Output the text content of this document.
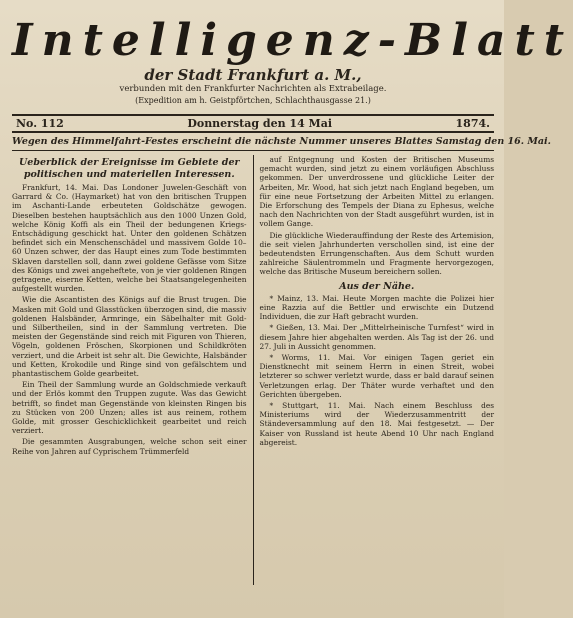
Intelligenz-Blatt
der Stadt Frankfurt a. M.,
verbunden mit den Frankfurter Nachrichten als Extrabeilage.
(Expedition am h. Geistpförtchen, Schlachthausgasse 21.)
No. 112	Donnerstag den 14 Mai	1874.
Wegen des Himmelfahrt-Festes erscheint die nächste Nummer unseres Blattes Samstag den 16. Mai.
Ueberblick der Ereignisse im Gebiete der politischen und materiellen Interessen.

Frankfurt, 14. Mai. Das Londoner Juwelen-Geschäft von Garrard & Co. (Haymarket) hat von den britischen Truppen im Aschanti-Lande erbeuteten Goldschätze gewogen. Dieselben bestehen hauptsächlich aus den 1000 Unzen Gold, welche König Koffi als ein Theil der bedungenen Kriegs-Entschädigung geschickt hat. Unter den goldenen Schätzen befindet sich ein Menschenschädel und massivem Golde 10–60 Unzen schwer, der das Haupt eines zum Tode bestimmten Sklaven darstellen soll, dann zwei goldene Gefässe vom Sitze des Königs und zwei angeheftete, von je vier goldenen Ringen getragene, eiserne Ketten, welche bei Staatsangelegenheiten aufgestellt wurden.

Wie die Ascantisten des Königs auf die Brust trugen. Die Masken mit Gold und Glasstücken überzogen sind, die massiv goldenen Halsbänder, Armringe, ein Säbelhalter mit Gold- und Silbertheilen, sind in der Sammlung vertreten. Die meisten der Gegenstände sind reich mit Figuren von Thieren, Vögeln, goldenen Fröschen, Skorpionen und Schildkröten verziert, und die Arbeit ist sehr alt. Die Gewichte, Halsbänder und Ketten, Krokodile und Ringe sind von gefälschtem und phantastischem Golde gearbeitet.

Ein Theil der Sammlung wurde an Goldschmiede verkauft und der Erlös kommt den Truppen zugute. Was das Gewicht betrifft, so findet man Gegenstände von kleinsten Ringen bis zu Stücken von 200 Unzen; alles ist aus reinem, rothem Golde, mit grosser Geschicklichkeit gearbeitet und reich verziert.

Die gesammten Ausgrabungen, welche schon seit einer Reihe von Jahren auf Cyprischem Trümmerfeld

auf Entgegnung und Kosten der Britischen Museums gemacht wurden, sind jetzt zu einem vorläufigen Abschluss gekommen. Der unverdrossene und glückliche Leiter der Arbeiten, Mr. Wood, hat sich jetzt nach England begeben, um für eine neue Fortsetzung der Arbeiten Mittel zu erlangen. Die Erforschung des Tempels der Diana zu Ephesus, welche nach den Nachrichten von der Stadt ausgeführt wurden, ist in vollem Gange.

Die glückliche Wiederauffindung der Reste des Artemision, die seit vielen Jahrhunderten verschollen sind, ist eine der bedeutendsten Errungenschaften. Aus dem Schutt wurden zahlreiche Säulentrommeln und Fragmente hervorgezogen, welche das Britische Museum bereichern sollen.

Aus der Nähe.

* Mainz, 13. Mai. Heute Morgen machte die Polizei hier eine Razzia auf die Bettler und erwischte ein Dutzend Individuen, die zur Haft gebracht wurden.

* Gießen, 13. Mai. Der „Mittelrheinische Turnfest“ wird in diesem Jahre hier abgehalten werden. Als Tag ist der 26. und 27. Juli in Aussicht genommen.

* Worms, 11. Mai. Vor einigen Tagen geriet ein Dienstknecht mit seinem Herrn in einen Streit, wobei letzterer so schwer verletzt wurde, dass er bald darauf seinen Verletzungen erlag. Der Thäter wurde verhaftet und den Gerichten übergeben.

* Stuttgart, 11. Mai. Nach einem Beschluss des Ministeriums wird der Wiederzusammentritt der Ständeversammlung auf den 18. Mai festgesetzt. — Der Kaiser von Russland ist heute Abend 10 Uhr nach England abgereist.
